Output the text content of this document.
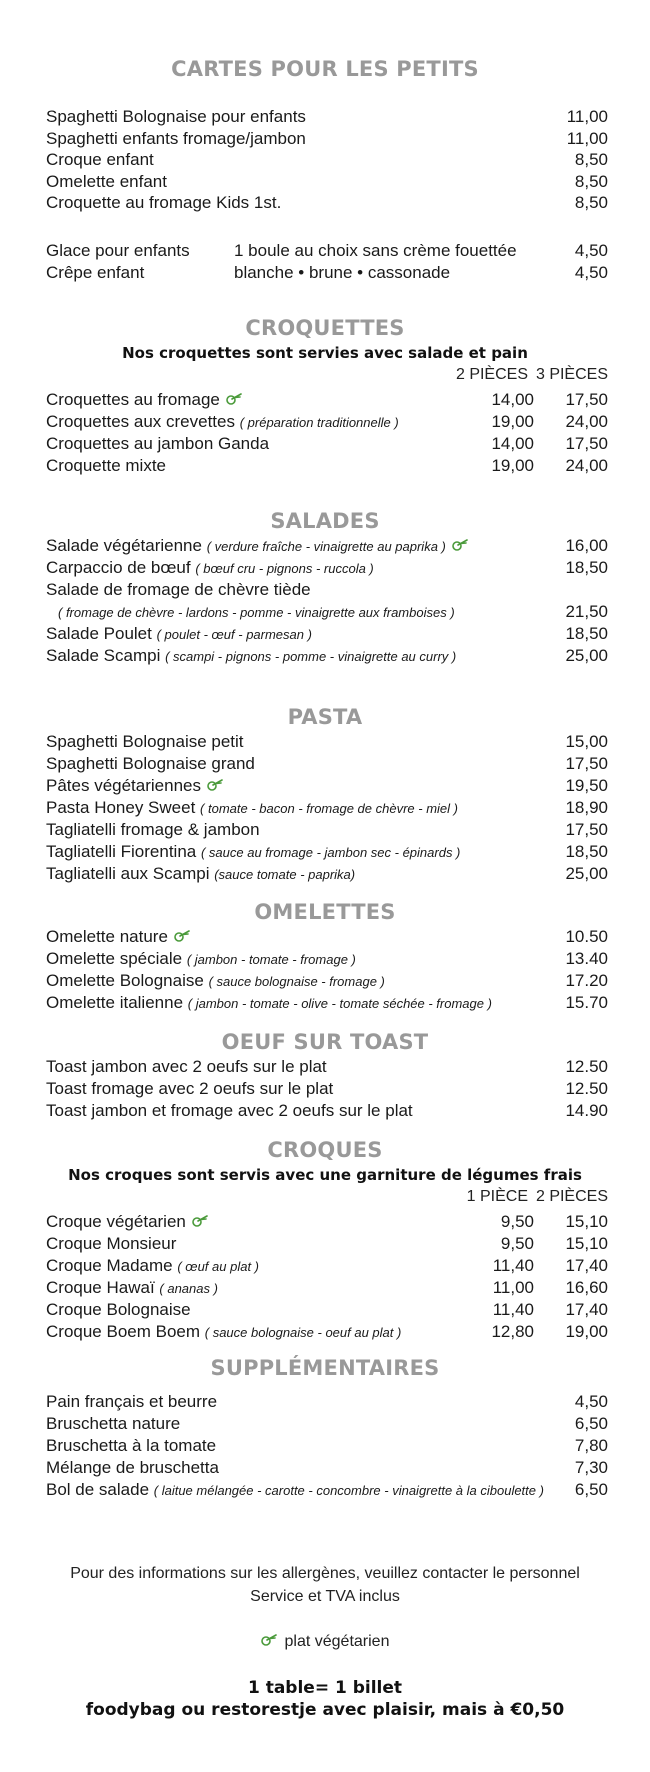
CARTES POUR LES PETITS
Spaghetti Bolognaise pour enfants	11,00
Spaghetti enfants fromage/jambon	11,00
Croque enfant	8,50
Omelette enfant	8,50
Croquette au fromage Kids 1st.	8,50
Glace pour enfants	1 boule au choix sans crème fouettée	4,50
Crêpe enfant	blanche • brune • cassonade	4,50
CROQUETTES
Nos croquettes sont servies avec salade et pain
2 PIÈCES 3 PIÈCES
Croquettes au fromage	14,00 17,50
Croquettes aux crevettes ( préparation traditionnelle )	19,00 24,00
Croquettes au jambon Ganda	14,00 17,50
Croquette mixte	19,00 24,00
SALADES
Salade végétarienne ( verdure fraîche - vinaigrette au paprika )	16,00
Carpaccio de bœuf ( bœuf cru - pignons - ruccola )	18,50
Salade de fromage de chèvre tiède
( fromage de chèvre - lardons - pomme - vinaigrette aux framboises )	21,50
Salade Poulet ( poulet - œuf - parmesan )	18,50
Salade Scampi ( scampi - pignons - pomme - vinaigrette au curry )	25,00
PASTA
Spaghetti Bolognaise petit	15,00
Spaghetti Bolognaise grand	17,50
Pâtes végétariennes	19,50
Pasta Honey Sweet ( tomate - bacon - fromage de chèvre - miel )	18,90
Tagliatelli fromage & jambon	17,50
Tagliatelli Fiorentina ( sauce au fromage - jambon sec - épinards )	18,50
Tagliatelli aux Scampi (sauce tomate - paprika)	25,00
OMELETTES
Omelette nature	10.50
Omelette spéciale ( jambon - tomate - fromage )	13.40
Omelette Bolognaise ( sauce bolognaise - fromage )	17.20
Omelette italienne ( jambon - tomate - olive - tomate séchée - fromage )	15.70
OEUF SUR TOAST
Toast jambon avec 2 oeufs sur le plat	12.50
Toast fromage avec 2 oeufs sur le plat	12.50
Toast jambon et fromage avec 2 oeufs sur le plat	14.90
CROQUES
Nos croques sont servis avec une garniture de légumes frais
1 PIÈCE 2 PIÈCES
Croque végétarien	9,50 15,10
Croque Monsieur	9,50 15,10
Croque Madame ( œuf au plat )	11,40 17,40
Croque Hawaï ( ananas )	11,00 16,60
Croque Bolognaise	11,40 17,40
Croque Boem Boem ( sauce bolognaise - oeuf au plat )	12,80 19,00
SUPPLÉMENTAIRES
Pain français et beurre	4,50
Bruschetta nature	6,50
Bruschetta à la tomate	7,80
Mélange de bruschetta	7,30
Bol de salade ( laitue mélangée - carotte - concombre - vinaigrette à la ciboulette ) 6,50
Pour des informations sur les allergènes, veuillez contacter le personnel
Service et TVA inclus
plat végétarien
1 table= 1 billet
foodybag ou restorestje avec plaisir, mais à €0,50
